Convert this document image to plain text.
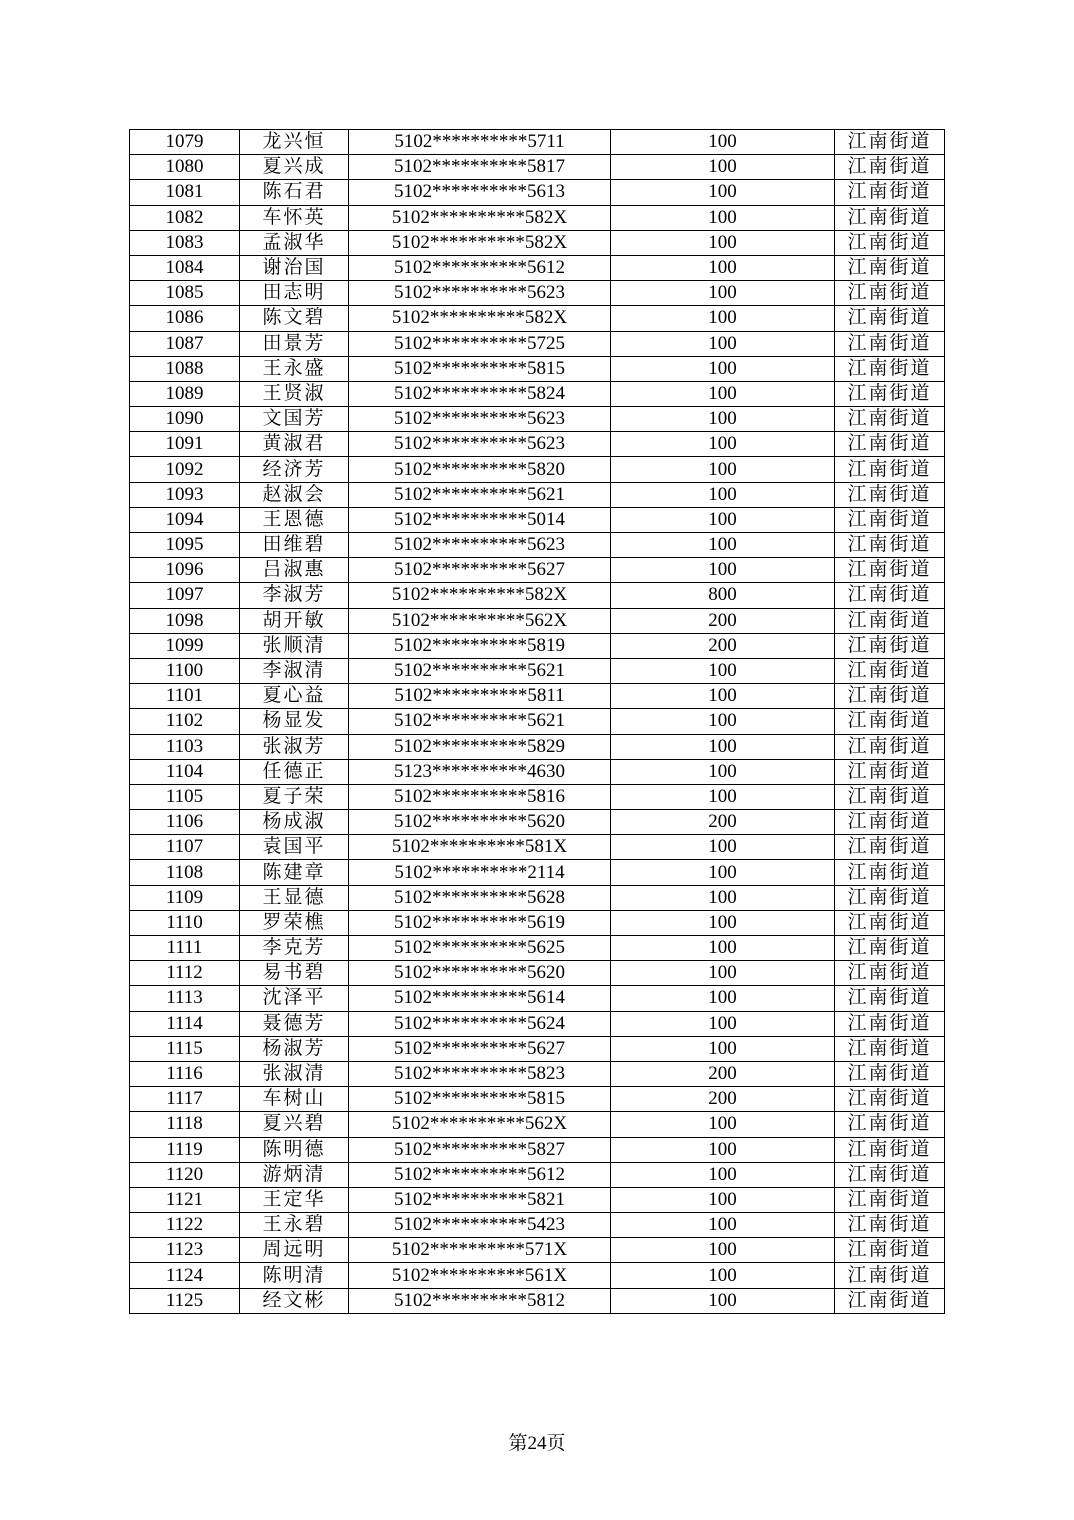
1079	龙兴恒	5102**********5711	100	江南街道
1080	夏兴成	5102**********5817	100	江南街道
1081	陈石君	5102**********5613	100	江南街道
1082	车怀英	5102**********582X	100	江南街道
1083	孟淑华	5102**********582X	100	江南街道
1084	谢治国	5102**********5612	100	江南街道
1085	田志明	5102**********5623	100	江南街道
1086	陈文碧	5102**********582X	100	江南街道
1087	田景芳	5102**********5725	100	江南街道
1088	王永盛	5102**********5815	100	江南街道
1089	王贤淑	5102**********5824	100	江南街道
1090	文国芳	5102**********5623	100	江南街道
1091	黄淑君	5102**********5623	100	江南街道
1092	经济芳	5102**********5820	100	江南街道
1093	赵淑会	5102**********5621	100	江南街道
1094	王恩德	5102**********5014	100	江南街道
1095	田维碧	5102**********5623	100	江南街道
1096	吕淑惠	5102**********5627	100	江南街道
1097	李淑芳	5102**********582X	800	江南街道
1098	胡开敏	5102**********562X	200	江南街道
1099	张顺清	5102**********5819	200	江南街道
1100	李淑清	5102**********5621	100	江南街道
1101	夏心益	5102**********5811	100	江南街道
1102	杨显发	5102**********5621	100	江南街道
1103	张淑芳	5102**********5829	100	江南街道
1104	任德正	5123**********4630	100	江南街道
1105	夏子荣	5102**********5816	100	江南街道
1106	杨成淑	5102**********5620	200	江南街道
1107	袁国平	5102**********581X	100	江南街道
1108	陈建章	5102**********2114	100	江南街道
1109	王显德	5102**********5628	100	江南街道
1110	罗荣樵	5102**********5619	100	江南街道
1111	李克芳	5102**********5625	100	江南街道
1112	易书碧	5102**********5620	100	江南街道
1113	沈泽平	5102**********5614	100	江南街道
1114	聂德芳	5102**********5624	100	江南街道
1115	杨淑芳	5102**********5627	100	江南街道
1116	张淑清	5102**********5823	200	江南街道
1117	车树山	5102**********5815	200	江南街道
1118	夏兴碧	5102**********562X	100	江南街道
1119	陈明德	5102**********5827	100	江南街道
1120	游炳清	5102**********5612	100	江南街道
1121	王定华	5102**********5821	100	江南街道
1122	王永碧	5102**********5423	100	江南街道
1123	周远明	5102**********571X	100	江南街道
1124	陈明清	5102**********561X	100	江南街道
1125	经文彬	5102**********5812	100	江南街道
第24页
